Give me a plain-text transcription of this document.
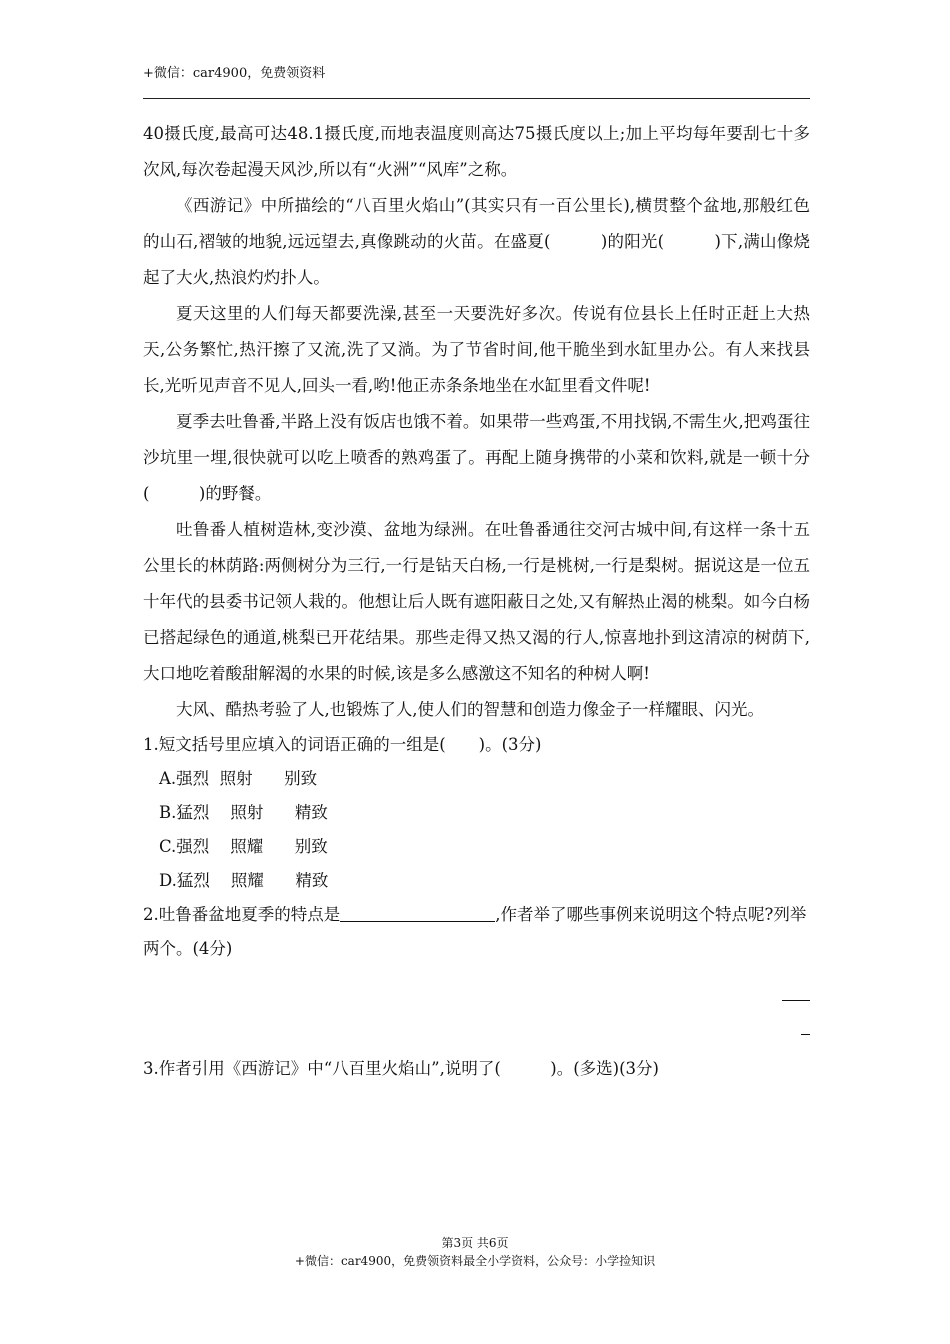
+微信：car4900，免费领资料

40摄氏度,最高可达48.1摄氏度,而地表温度则高达75摄氏度以上;加上平均每年要刮七十多次风,每次卷起漫天风沙,所以有“火洲”“风库”之称。

《西游记》中所描绘的“八百里火焰山”(其实只有一百公里长),横贯整个盆地,那般红色的山石,褶皱的地貌,远远望去,真像跳动的火苗。在盛夏(　　　)的阳光(　　　)下,满山像烧起了大火,热浪灼灼扑人。

夏天这里的人们每天都要洗澡,甚至一天要洗好多次。传说有位县长上任时正赶上大热天,公务繁忙,热汗擦了又流,洗了又淌。为了节省时间,他干脆坐到水缸里办公。有人来找县长,光听见声音不见人,回头一看,哟!他正赤条条地坐在水缸里看文件呢!

夏季去吐鲁番,半路上没有饭店也饿不着。如果带一些鸡蛋,不用找锅,不需生火,把鸡蛋往沙坑里一埋,很快就可以吃上喷香的熟鸡蛋了。再配上随身携带的小菜和饮料,就是一顿十分(　　　)的野餐。

吐鲁番人植树造林,变沙漠、盆地为绿洲。在吐鲁番通往交河古城中间,有这样一条十五公里长的林荫路:两侧树分为三行,一行是钻天白杨,一行是桃树,一行是梨树。据说这是一位五十年代的县委书记领人栽的。他想让后人既有遮阳蔽日之处,又有解热止渴的桃梨。如今白杨已搭起绿色的通道,桃梨已开花结果。那些走得又热又渴的行人,惊喜地扑到这清凉的树荫下,大口地吃着酸甜解渴的水果的时候,该是多么感激这不知名的种树人啊!

大风、酷热考验了人,也锻炼了人,使人们的智慧和创造力像金子一样耀眼、闪光。

1.短文括号里应填入的词语正确的一组是(　　)。(3分)

A.强烈  照射      别致

B.猛烈    照射      精致

C.强烈    照耀      别致

D.猛烈    照耀      精致

2.吐鲁番盆地夏季的特点是	,作者举了哪些事例来说明这个特点呢?列举两个。(4分)

3.作者引用《西游记》中“八百里火焰山”,说明了(　　　)。(多选)(3分)

第3页 共6页
+微信：car4900，免费领资料最全小学资料，公众号：小学捡知识
